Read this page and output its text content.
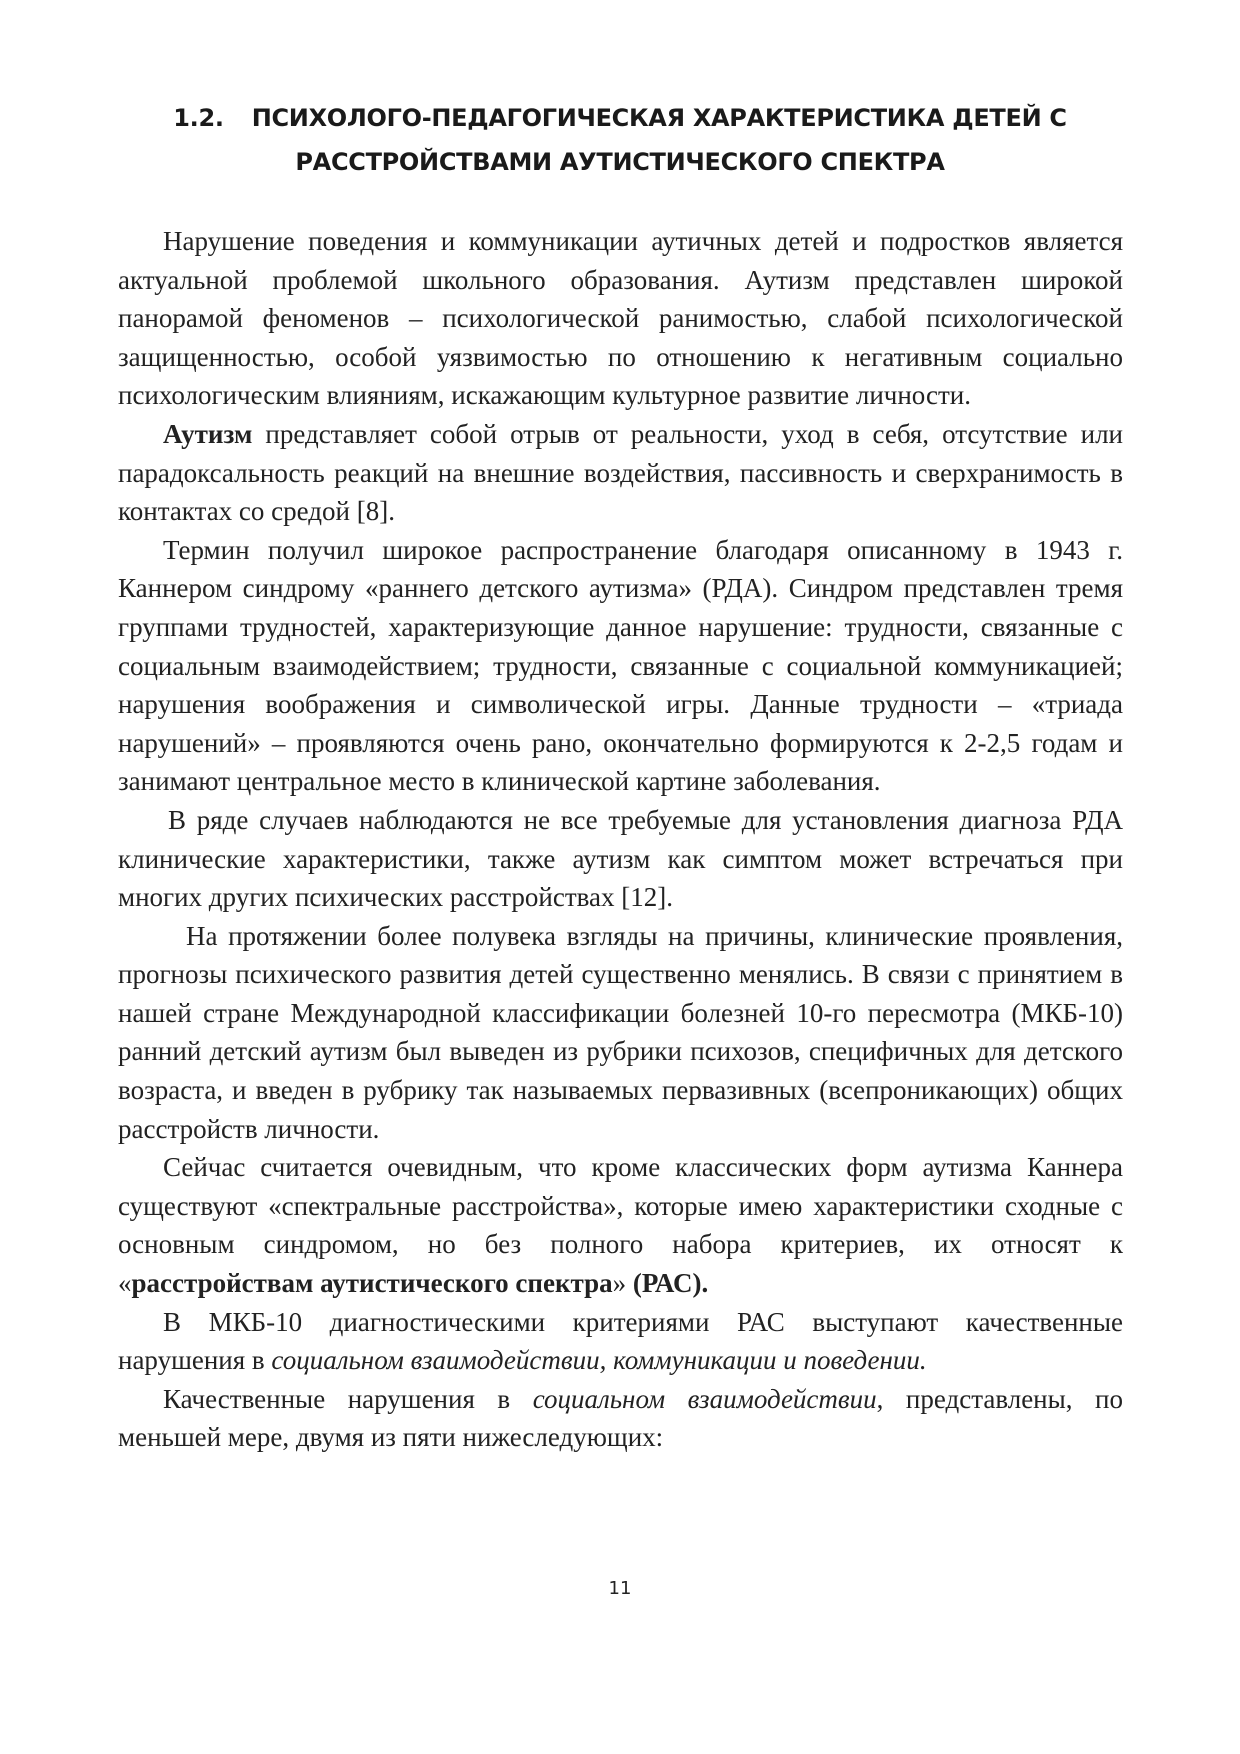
1.2. ПСИХОЛОГО-ПЕДАГОГИЧЕСКАЯ ХАРАКТЕРИСТИКА ДЕТЕЙ С
РАССТРОЙСТВАМИ АУТИСТИЧЕСКОГО СПЕКТРА

Нарушение поведения и коммуникации аутичных детей и подростков является актуальной проблемой школьного образования. Аутизм представлен широкой панорамой феноменов – психологической ранимостью, слабой психологической защищенностью, особой уязвимостью по отношению к негативным социально психологическим влияниям, искажающим культурное развитие личности.

Аутизм представляет собой отрыв от реальности, уход в себя, отсутствие или парадоксальность реакций на внешние воздействия, пассивность и сверхранимость в контактах со средой [8].

Термин получил широкое распространение благодаря описанному в 1943 г. Каннером синдрому «раннего детского аутизма» (РДА). Синдром представлен тремя группами трудностей, характеризующие данное нарушение: трудности, связанные с социальным взаимодействием; трудности, связанные с социальной коммуникацией; нарушения воображения и символической игры. Данные трудности – «триада нарушений» – проявляются очень рано, окончательно формируются к 2-2,5 годам и занимают центральное место в клинической картине заболевания.

В ряде случаев наблюдаются не все требуемые для установления диагноза РДА клинические характеристики, также аутизм как симптом может встречаться при многих других психических расстройствах [12].

На протяжении более полувека взгляды на причины, клинические проявления, прогнозы психического развития детей существенно менялись. В связи с принятием в нашей стране Международной классификации болезней 10-го пересмотра (МКБ-10) ранний детский аутизм был выведен из рубрики психозов, специфичных для детского возраста, и введен в рубрику так называемых первазивных (всепроникающих) общих расстройств личности.

Сейчас считается очевидным, что кроме классических форм аутизма Каннера существуют «спектральные расстройства», которые имею характеристики сходные с основным синдромом, но без полного набора критериев, их относят к «расстройствам аутистического спектра» (РАС).

В МКБ-10 диагностическими критериями РАС выступают качественные нарушения в социальном взаимодействии, коммуникации и поведении.

Качественные нарушения в социальном взаимодействии, представлены, по меньшей мере, двумя из пяти нижеследующих:

11
